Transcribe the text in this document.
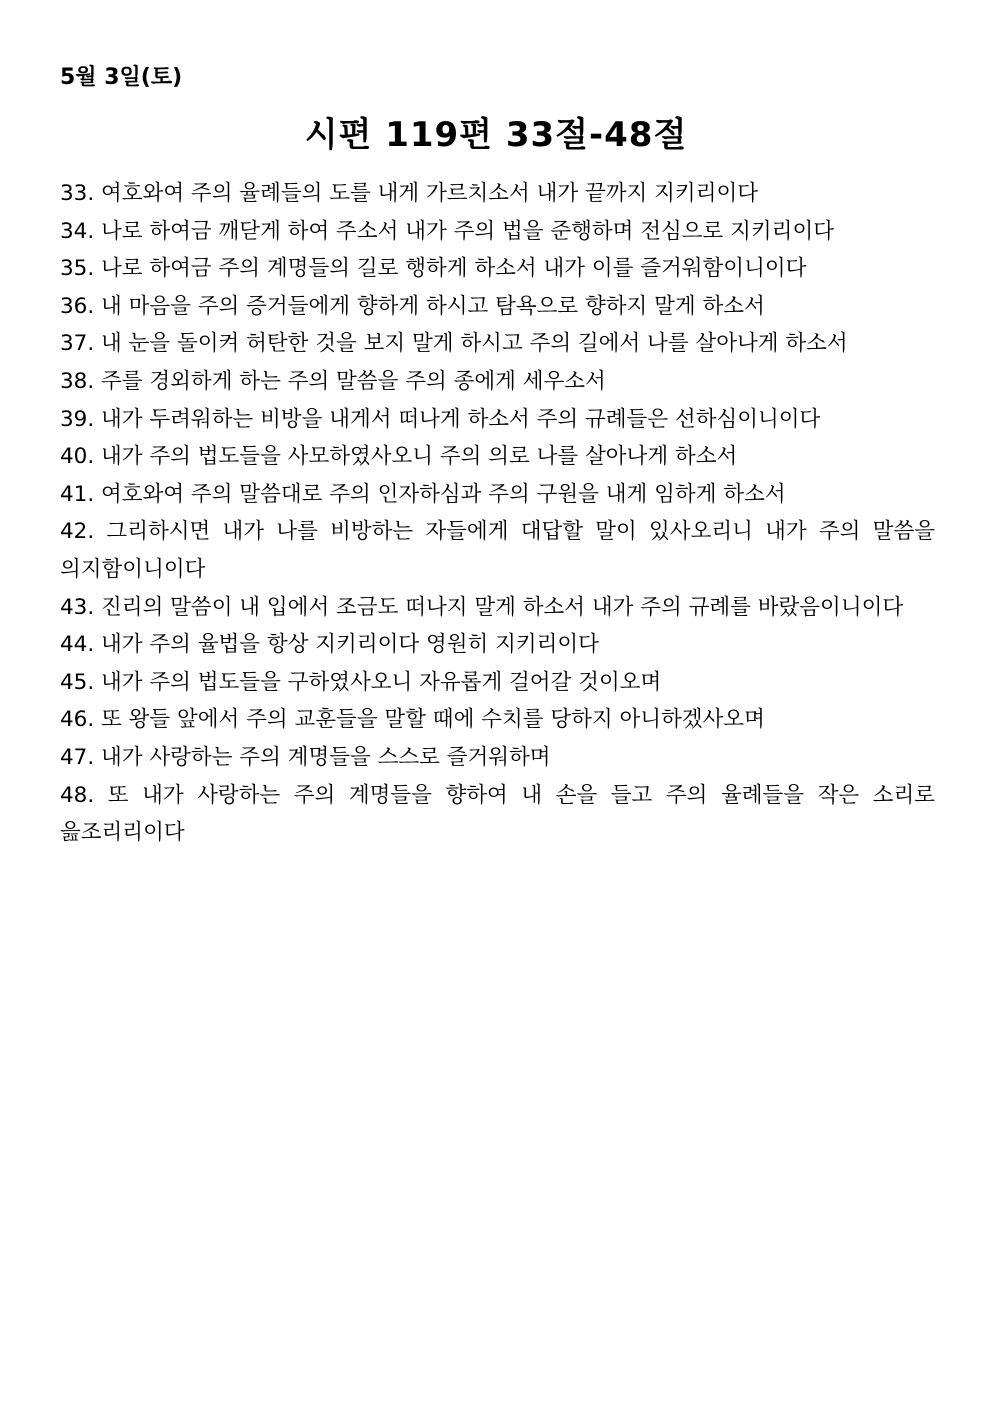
5월 3일(토)
시편 119편 33절-48절

33. 여호와여 주의 율례들의 도를 내게 가르치소서 내가 끝까지 지키리이다

34. 나로 하여금 깨닫게 하여 주소서 내가 주의 법을 준행하며 전심으로 지키리이다

35. 나로 하여금 주의 계명들의 길로 행하게 하소서 내가 이를 즐거워함이니이다

36. 내 마음을 주의 증거들에게 향하게 하시고 탐욕으로 향하지 말게 하소서

37. 내 눈을 돌이켜 허탄한 것을 보지 말게 하시고 주의 길에서 나를 살아나게 하소서

38. 주를 경외하게 하는 주의 말씀을 주의 종에게 세우소서

39. 내가 두려워하는 비방을 내게서 떠나게 하소서 주의 규례들은 선하심이니이다

40. 내가 주의 법도들을 사모하였사오니 주의 의로 나를 살아나게 하소서

41. 여호와여 주의 말씀대로 주의 인자하심과 주의 구원을 내게 임하게 하소서

42. 그리하시면 내가 나를 비방하는 자들에게 대답할 말이 있사오리니 내가 주의 말씀을 의지함이니이다

43. 진리의 말씀이 내 입에서 조금도 떠나지 말게 하소서 내가 주의 규례를 바랐음이니이다

44. 내가 주의 율법을 항상 지키리이다 영원히 지키리이다

45. 내가 주의 법도들을 구하였사오니 자유롭게 걸어갈 것이오며

46. 또 왕들 앞에서 주의 교훈들을 말할 때에 수치를 당하지 아니하겠사오며

47. 내가 사랑하는 주의 계명들을 스스로 즐거워하며

48. 또 내가 사랑하는 주의 계명들을 향하여 내 손을 들고 주의 율례들을 작은 소리로 읊조리리이다
